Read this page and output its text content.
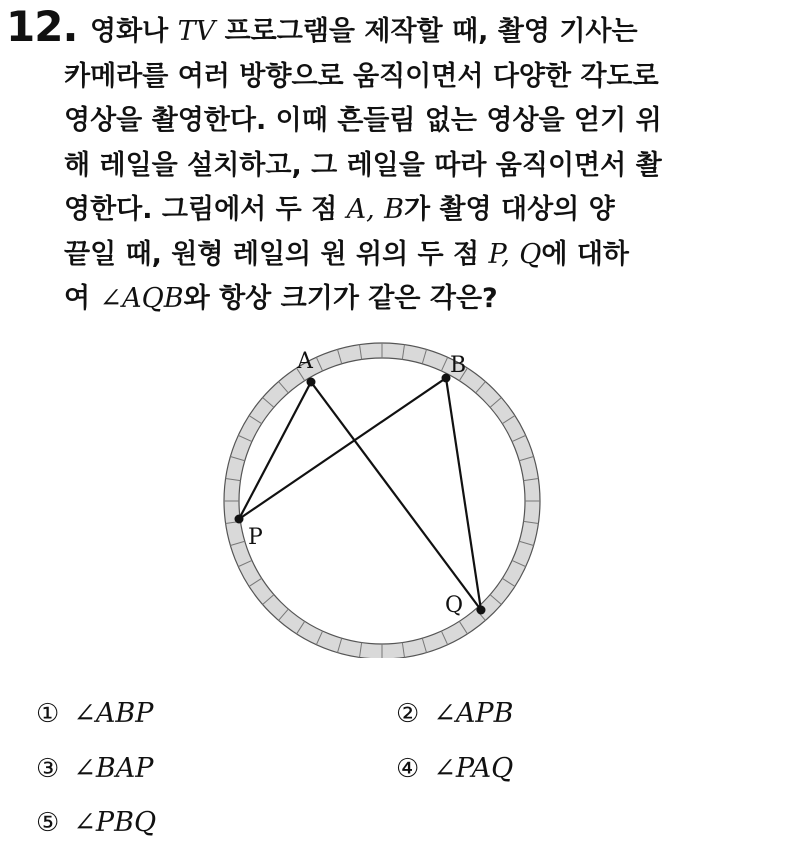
12. 영화나 TV 프로그램을 제작할 때, 촬영 기사는
카메라를 여러 방향으로 움직이면서 다양한 각도로
영상을 촬영한다. 이때 흔들림 없는 영상을 얻기 위
해 레일을 설치하고, 그 레일을 따라 움직이면서 촬
영한다. 그림에서 두 점 A, B가 촬영 대상의 양
끝일 때, 원형 레일의 원 위의 두 점 P, Q에 대하
여 ∠AQB와 항상 크기가 같은 각은?
A	B
P
Q
① ∠ABP	② ∠APB
③ ∠BAP	④ ∠PAQ
⑤ ∠PBQ
